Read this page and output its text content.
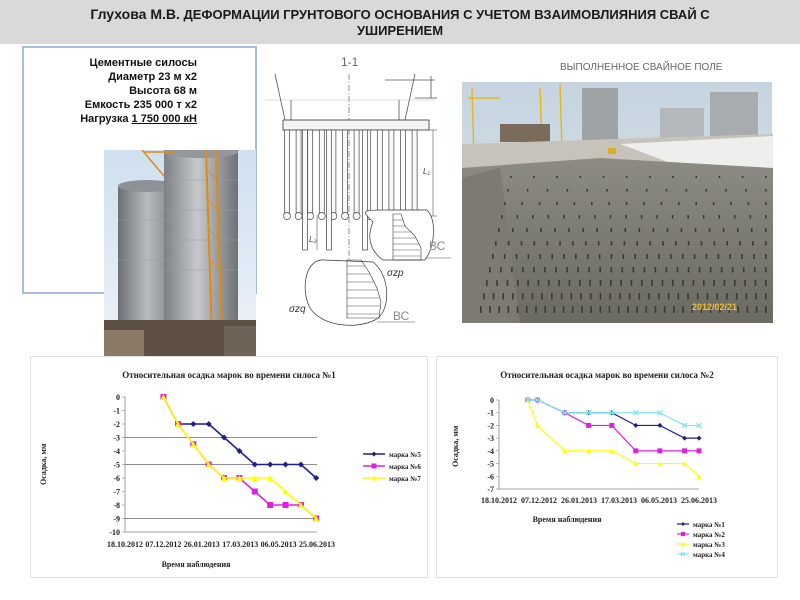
Глухова М.В. ДЕФОРМАЦИИ ГРУНТОВОГО ОСНОВАНИЯ С УЧЕТОМ ВЗАИМОВЛИЯНИЯ СВАЙ С
УШИРЕНИЕМ
Цементные силосы
Диаметр 23 м х2
Высота 68 м
Емкость 235 000 т х2
Нагрузка 1 750 000 кН
1-1
L₁
L₂	ВС
σzp
ВС
σzq
ВЫПОЛНЕННОЕ СВАЙНОЕ ПОЛЕ
2012/02/21
Относительная осадка марок во времени силоса №1
Осадка, мм
Время наблюдения
0
-1
-2
-3
-4
-5
-6
-7
-8
-9
-10
18.10.2012 07.12.2012 26.01.2013 17.03.2013 06.05.2013 25.06.2013
марка №5
марка №6
марка №7
Относительная осадка марок во времени силоса №2
Осадка, мм
Время наблюдения
0
-1
-2
-3
-4
-5
-6
-7
18.10.2012 07.12.2012 26.01.2013 17.03.2013 06.05.2013 25.06.2013
марка №1
марка №2
марка №3
марка №4
